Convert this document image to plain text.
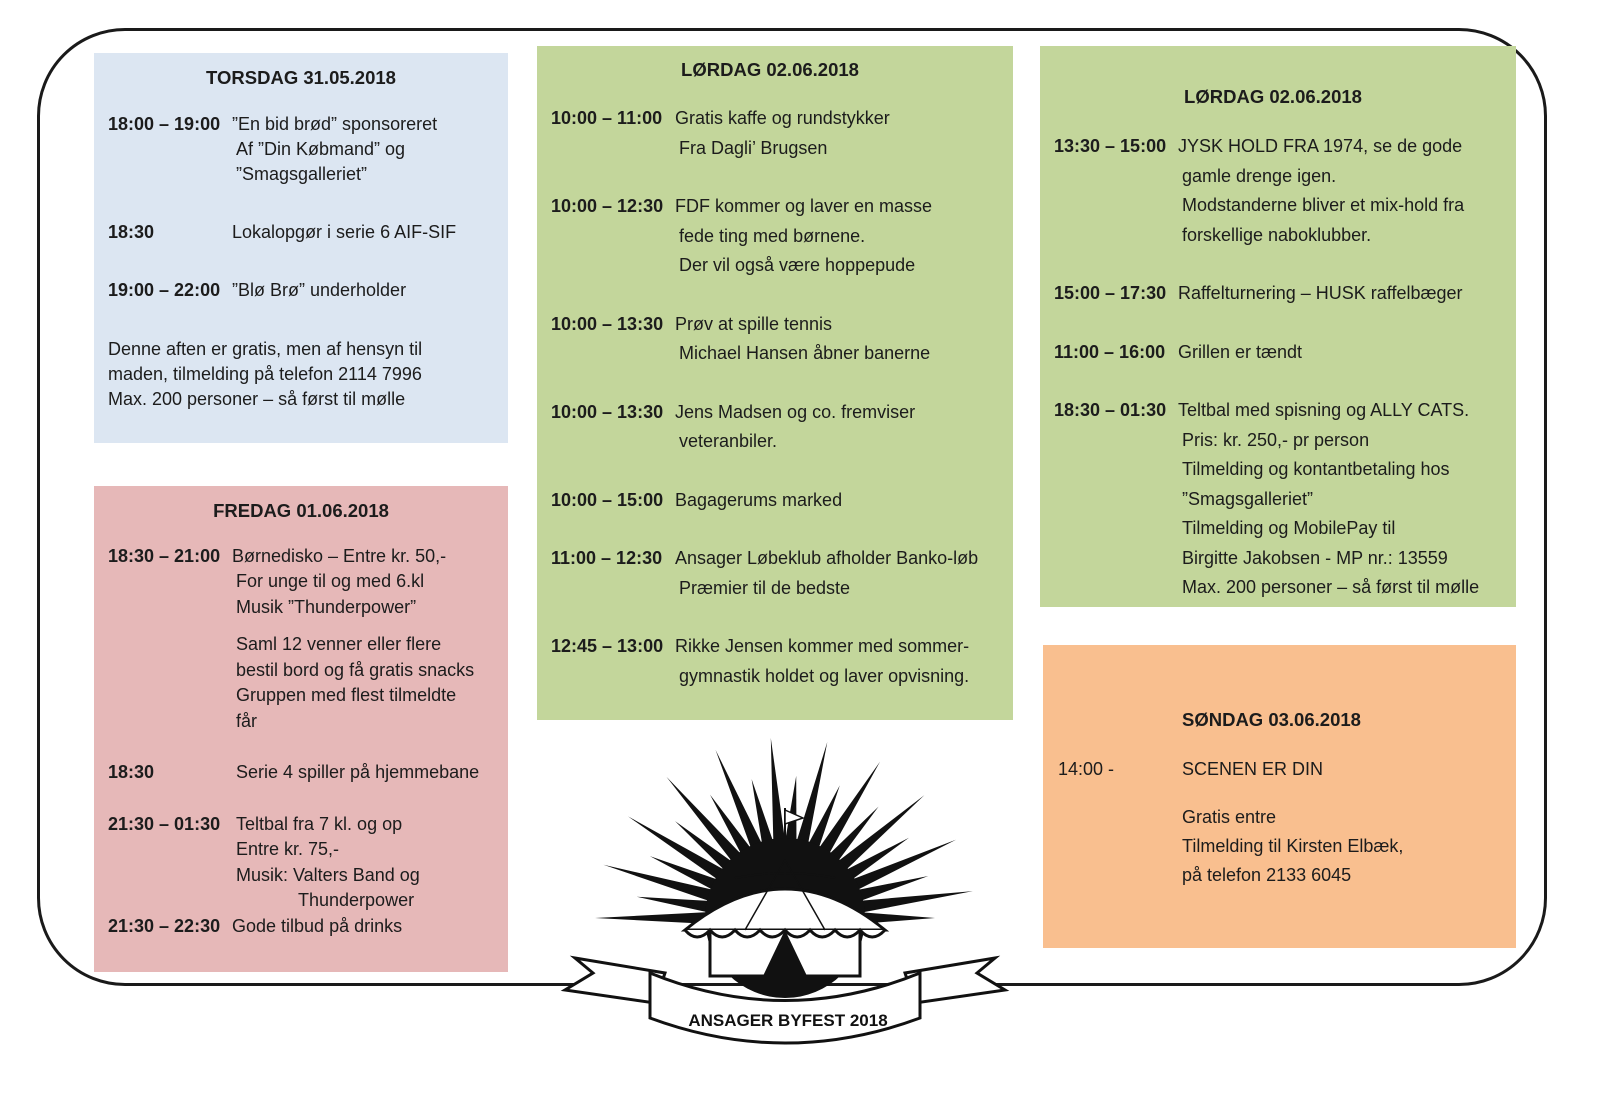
TORSDAG 31.05.2018
18:00 – 19:00 ”En bid brød” sponsoreret
Af ”Din Købmand” og
”Smagsgalleriet”
18:30	Lokalopgør i serie 6 AIF-SIF
19:00 – 22:00 ”Blø Brø” underholder
Denne aften er gratis, men af hensyn til
maden, tilmelding på telefon 2114 7996
Max. 200 personer – så først til mølle
FREDAG 01.06.2018
18:30 – 21:00 Børnedisko – Entre kr. 50,-
For unge til og med 6.kl
Musik ”Thunderpower”
Saml 12 venner eller flere
bestil bord og få gratis snacks
Gruppen med flest tilmeldte
får
18:30	Serie 4 spiller på hjemmebane
21:30 – 01:30 Teltbal fra 7 kl. og op
Entre kr. 75,-
Musik: Valters Band og
Thunderpower
21:30 – 22:30 Gode tilbud på drinks
LØRDAG 02.06.2018
10:00 – 11:00 Gratis kaffe og rundstykker
Fra Dagli’ Brugsen
10:00 – 12:30 FDF kommer og laver en masse
fede ting med børnene.
Der vil også være hoppepude
10:00 – 13:30 Prøv at spille tennis
Michael Hansen åbner banerne
10:00 – 13:30 Jens Madsen og co. fremviser
veteranbiler.
10:00 – 15:00 Bagagerums marked
11:00 – 12:30 Ansager Løbeklub afholder Banko-løb
Præmier til de bedste
12:45 – 13:00 Rikke Jensen kommer med sommer-
gymnastik holdet og laver opvisning.
LØRDAG 02.06.2018
13:30 – 15:00 JYSK HOLD FRA 1974, se de gode
gamle drenge igen.
Modstanderne bliver et mix-hold fra
forskellige naboklubber.
15:00 – 17:30 Raffelturnering – HUSK raffelbæger
11:00 – 16:00 Grillen er tændt
18:30 – 01:30 Teltbal med spisning og ALLY CATS.
Pris: kr. 250,- pr person
Tilmelding og kontantbetaling hos
”Smagsgalleriet”
Tilmelding og MobilePay til
Birgitte Jakobsen - MP nr.: 13559
Max. 200 personer – så først til mølle
SØNDAG 03.06.2018
14:00 -	SCENEN ER DIN
Gratis entre
Tilmelding til Kirsten Elbæk,
på telefon 2133 6045
ANSAGER BYFEST 2018
